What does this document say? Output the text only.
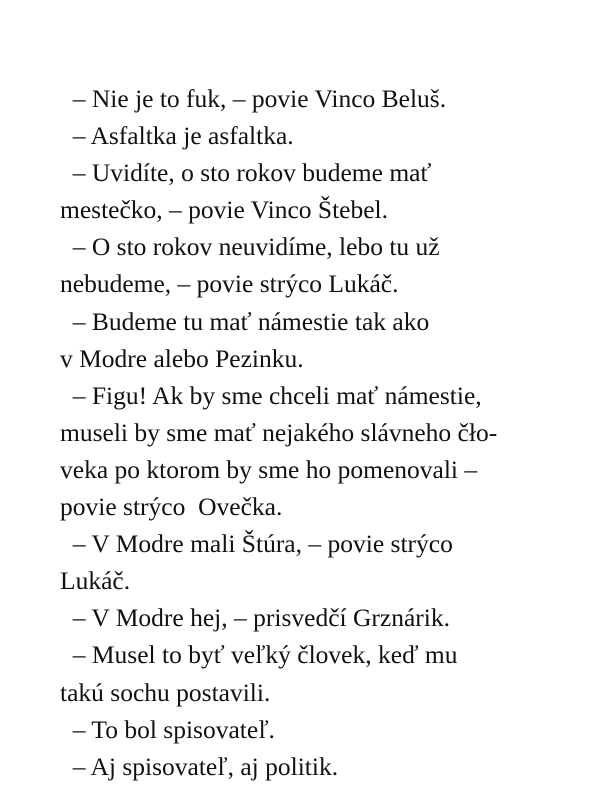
– Nie je to fuk, – povie Vinco Beluš.
– Asfaltka je asfaltka.
– Uvidíte, o sto rokov budeme mať
mestečko, – povie Vinco Štebel.
– O sto rokov neuvidíme, lebo tu už
nebudeme, – povie strýco Lukáč.
– Budeme tu mať námestie tak ako
v Modre alebo Pezinku.
– Figu! Ak by sme chceli mať námestie,
museli by sme mať nejakého slávneho čło-
veka po ktorom by sme ho pomenovali –
povie strýco  Ovečka.
– V Modre mali Štúra, – povie strýco
Lukáč.
– V Modre hej, – prisvedčí Grznárik.
– Musel to byť veľký človek, keď mu
takú sochu postavili.
– To bol spisovateľ.
– Aj spisovateľ, aj politik.
